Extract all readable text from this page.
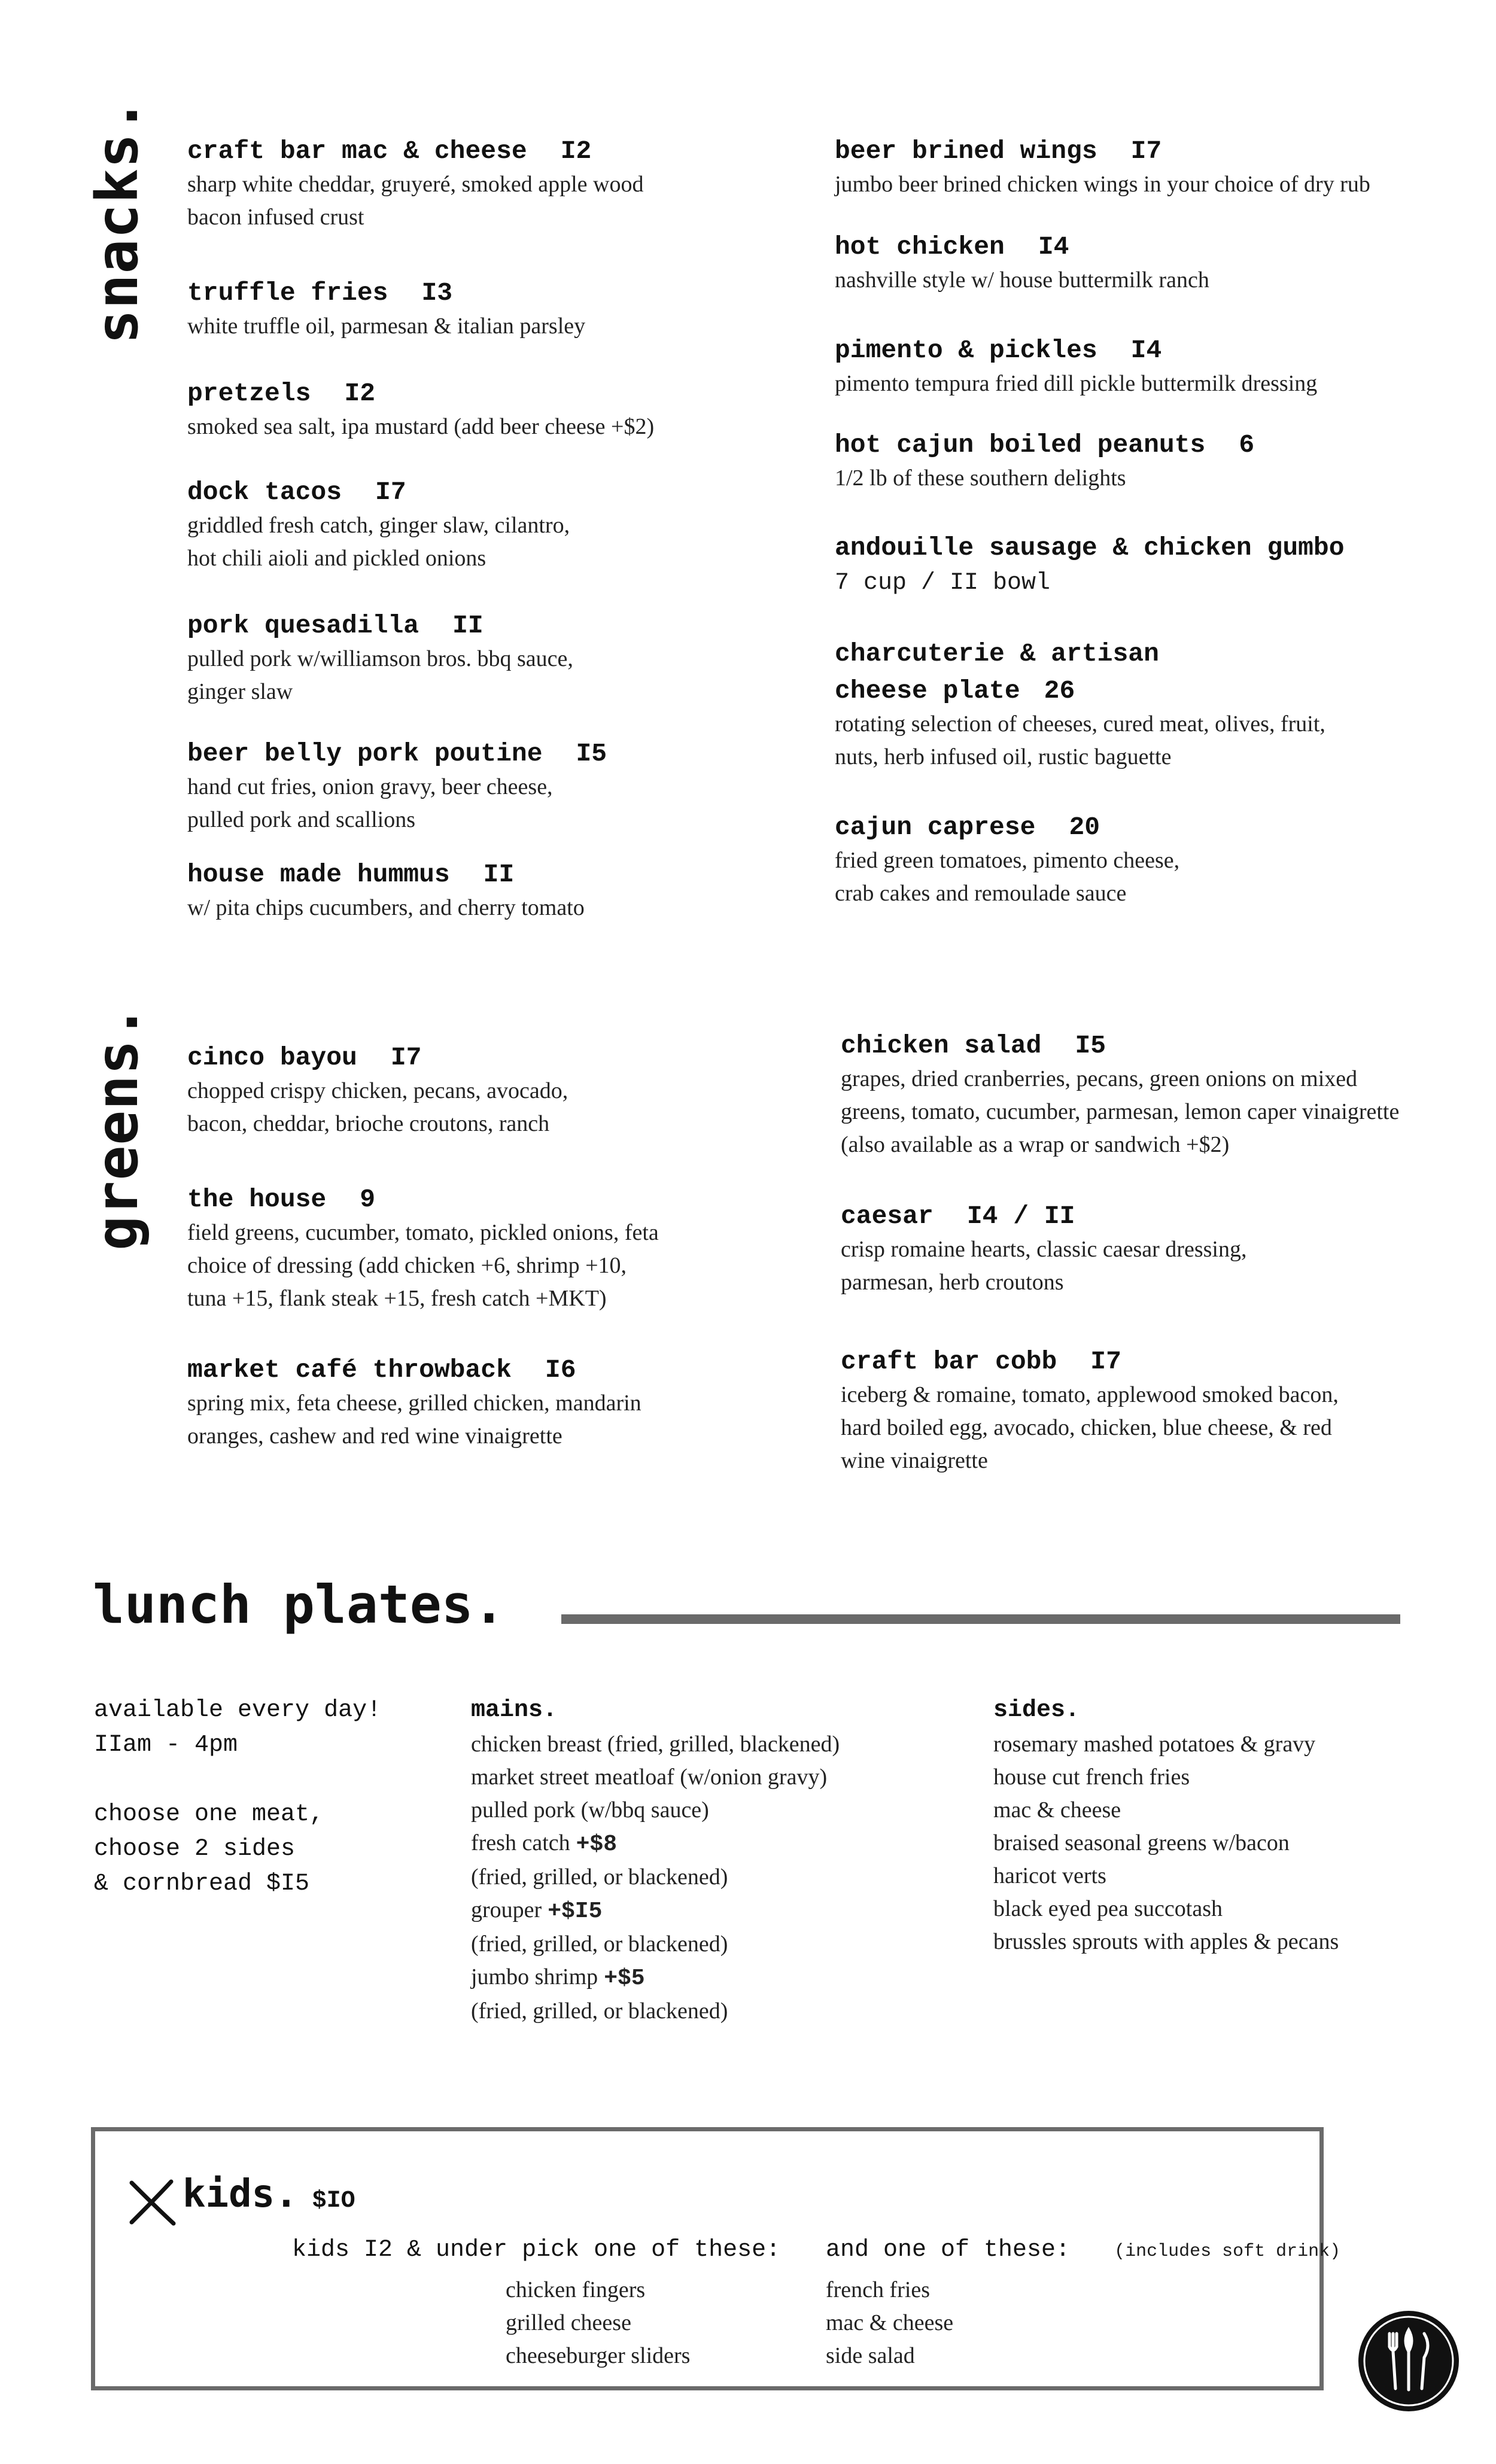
snacks. craft bar mac & cheese I2
sharp white cheddar, gruyeré, smoked apple wood
bacon infused crust
truffle fries I3
white truffle oil, parmesan & italian parsley
pretzels I2
smoked sea salt, ipa mustard (add beer cheese +$2)
dock tacos I7
griddled fresh catch, ginger slaw, cilantro,
hot chili aioli and pickled onions
pork quesadilla II
pulled pork w/williamson bros. bbq sauce,
ginger slaw
beer belly pork poutine I5
hand cut fries, onion gravy, beer cheese,
pulled pork and scallions
house made hummus II
w/ pita chips cucumbers, and cherry tomato
beer brined wings I7
jumbo beer brined chicken wings in your choice of dry rub
hot chicken I4
nashville style w/ house buttermilk ranch
pimento & pickles I4
pimento tempura fried dill pickle buttermilk dressing
hot cajun boiled peanuts 6
1/2 lb of these southern delights
andouille sausage & chicken gumbo
7 cup / II bowl
charcuterie & artisan
cheese plate 26
rotating selection of cheeses, cured meat, olives, fruit,
nuts, herb infused oil, rustic baguette
cajun caprese 20
fried green tomatoes, pimento cheese,
crab cakes and remoulade sauce
greens. cinco bayou I7
chopped crispy chicken, pecans, avocado,
bacon, cheddar, brioche croutons, ranch
the house 9
field greens, cucumber, tomato, pickled onions, feta
choice of dressing (add chicken +6, shrimp +10,
tuna +15, flank steak +15, fresh catch +MKT)
market café throwback I6
spring mix, feta cheese, grilled chicken, mandarin
oranges, cashew and red wine vinaigrette
chicken salad I5
grapes, dried cranberries, pecans, green onions on mixed
greens, tomato, cucumber, parmesan, lemon caper vinaigrette
(also available as a wrap or sandwich +$2)
caesar I4 / II
crisp romaine hearts, classic caesar dressing,
parmesan, herb croutons
craft bar cobb I7
iceberg & romaine, tomato, applewood smoked bacon,
hard boiled egg, avocado, chicken, blue cheese, & red
wine vinaigrette
lunch plates.
available every day!
IIam - 4pm

choose one meat,
choose 2 sides
& cornbread $I5
mains.
chicken breast (fried, grilled, blackened)
market street meatloaf (w/onion gravy)
pulled pork (w/bbq sauce)
fresh catch +$8
(fried, grilled, or blackened)
grouper +$I5
(fried, grilled, or blackened)
jumbo shrimp +$5
(fried, grilled, or blackened)
sides.
rosemary mashed potatoes & gravy
house cut french fries
mac & cheese
braised seasonal greens w/bacon
haricot verts
black eyed pea succotash
brussles sprouts with apples & pecans
kids. $IO
kids I2 & under pick one of these:
chicken fingers
grilled cheese
cheeseburger sliders
and one of these: (includes soft drink)
french fries
mac & cheese
side salad
